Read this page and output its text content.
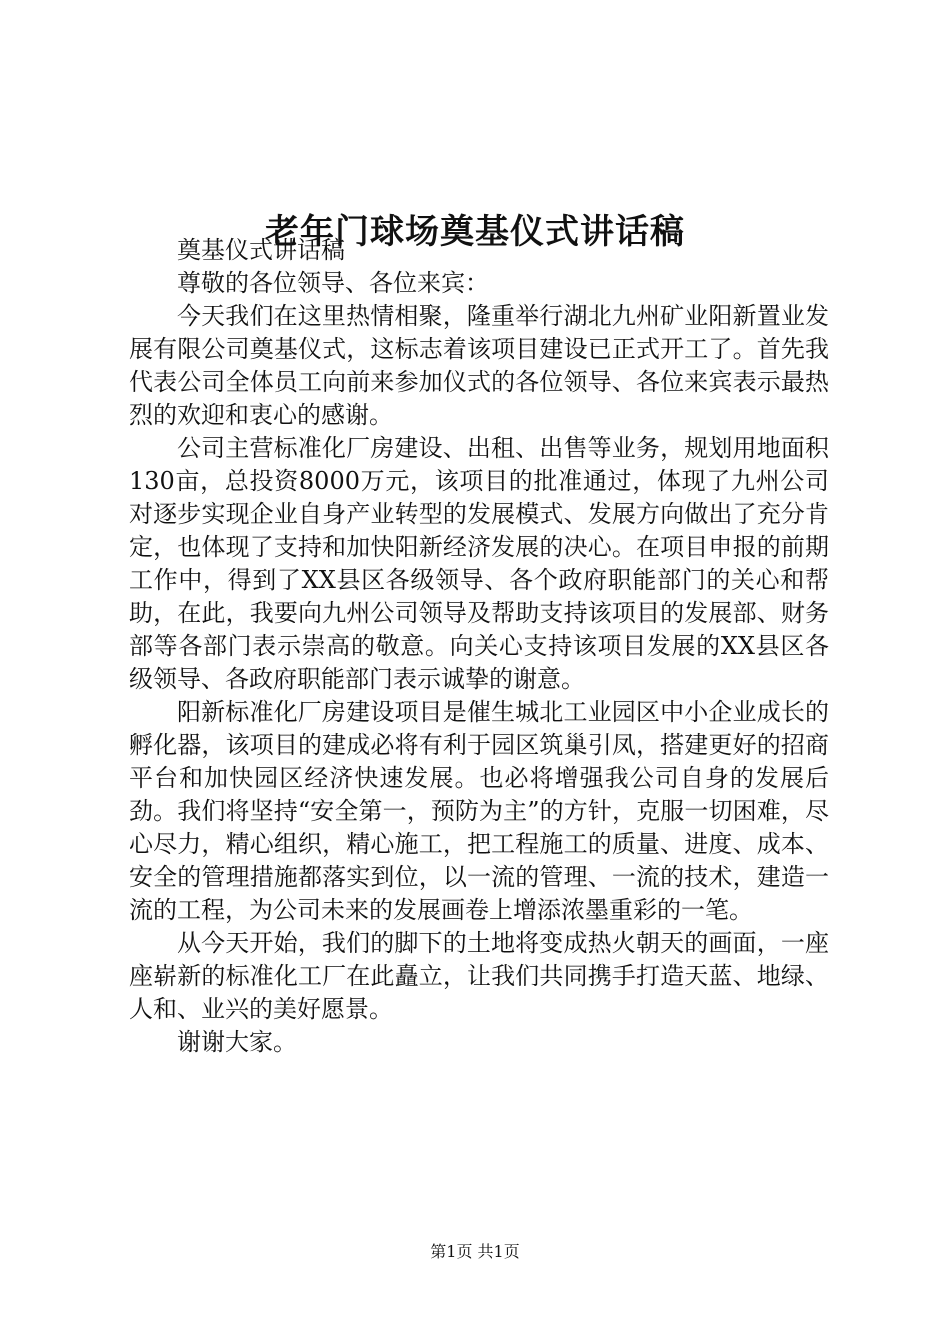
老年门球场奠基仪式讲话稿

奠基仪式讲话稿

尊敬的各位领导、各位来宾：

今天我们在这里热情相聚，隆重举行湖北九州矿业阳新置业发展有限公司奠基仪式，这标志着该项目建设已正式开工了。首先我代表公司全体员工向前来参加仪式的各位领导、各位来宾表示最热烈的欢迎和衷心的感谢。

公司主营标准化厂房建设、出租、出售等业务，规划用地面积130亩，总投资8000万元，该项目的批准通过，体现了九州公司对逐步实现企业自身产业转型的发展模式、发展方向做出了充分肯定，也体现了支持和加快阳新经济发展的决心。在项目申报的前期工作中，得到了XX县区各级领导、各个政府职能部门的关心和帮助，在此，我要向九州公司领导及帮助支持该项目的发展部、财务部等各部门表示崇高的敬意。向关心支持该项目发展的XX县区各级领导、各政府职能部门表示诚挚的谢意。

阳新标准化厂房建设项目是催生城北工业园区中小企业成长的孵化器，该项目的建成必将有利于园区筑巢引凤，搭建更好的招商平台和加快园区经济快速发展。也必将增强我公司自身的发展后劲。我们将坚持“安全第一，预防为主”的方针，克服一切困难，尽心尽力，精心组织，精心施工，把工程施工的质量、进度、成本、安全的管理措施都落实到位，以一流的管理、一流的技术，建造一流的工程，为公司未来的发展画卷上增添浓墨重彩的一笔。

从今天开始，我们的脚下的土地将变成热火朝天的画面，一座座崭新的标准化工厂在此矗立，让我们共同携手打造天蓝、地绿、人和、业兴的美好愿景。

谢谢大家。

第1页 共1页
